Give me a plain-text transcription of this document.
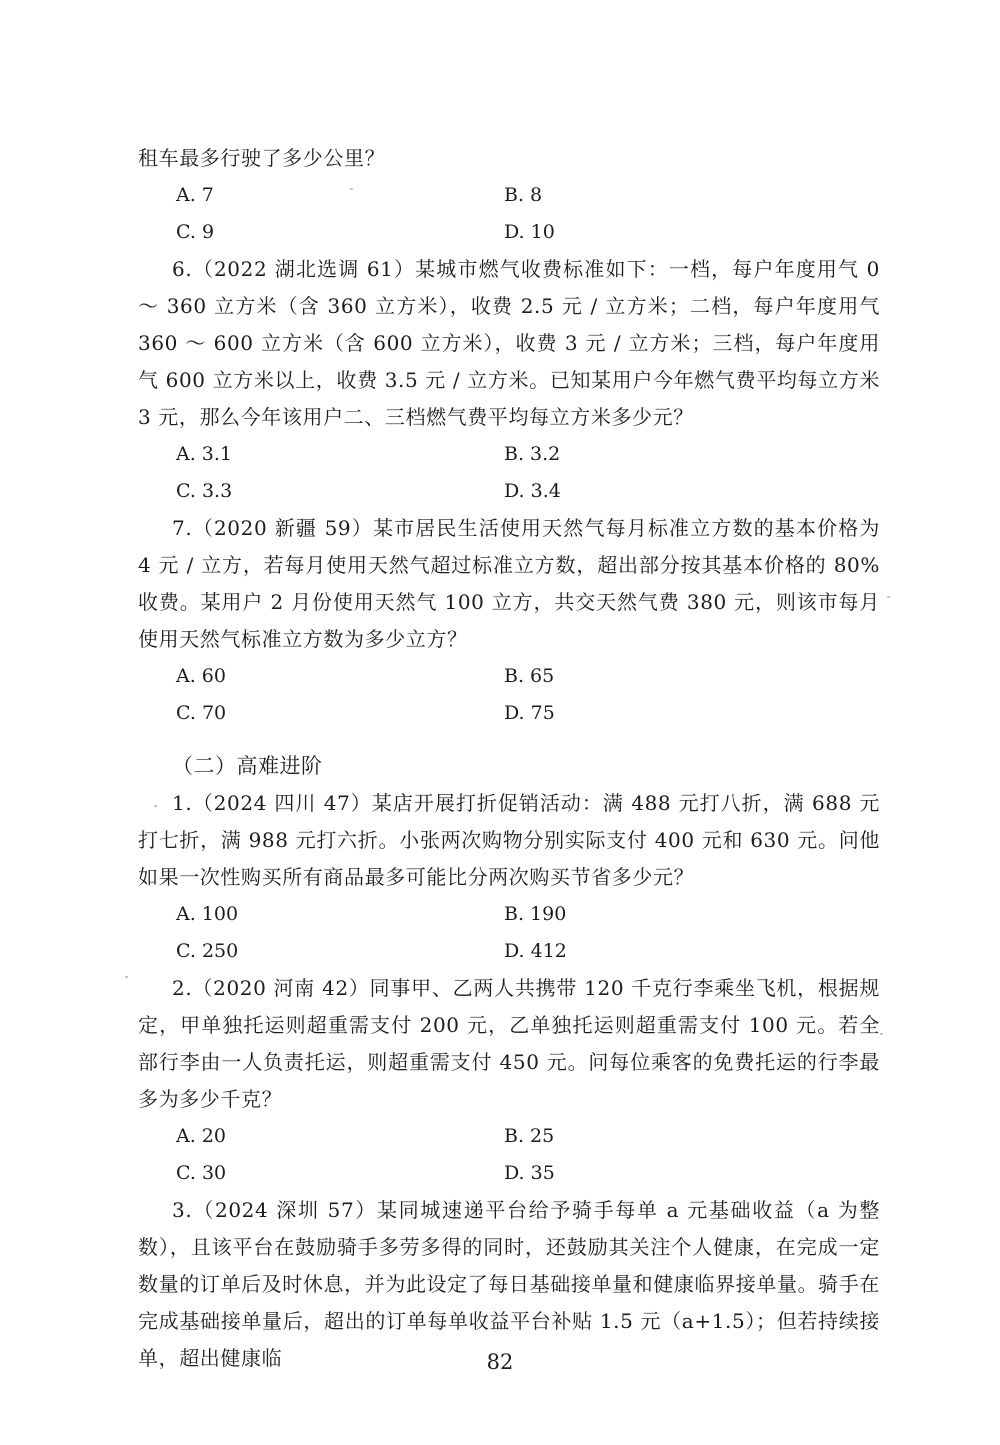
租车最多行驶了多少公里？

A. 7	B. 8
C. 9	D. 10

6.（2022 湖北选调 61）某城市燃气收费标准如下：一档，每户年度用气 0 ～ 360 立方米（含 360 立方米），收费 2.5 元 / 立方米；二档，每户年度用气 360 ～ 600 立方米（含 600 立方米），收费 3 元 / 立方米；三档，每户年度用气 600 立方米以上，收费 3.5 元 / 立方米。已知某用户今年燃气费平均每立方米 3 元，那么今年该用户二、三档燃气费平均每立方米多少元？

A. 3.1	B. 3.2
C. 3.3	D. 3.4

7.（2020 新疆 59）某市居民生活使用天然气每月标准立方数的基本价格为 4 元 / 立方，若每月使用天然气超过标准立方数，超出部分按其基本价格的 80% 收费。某用户 2 月份使用天然气 100 立方，共交天然气费 380 元，则该市每月使用天然气标准立方数为多少立方？

A. 60	B. 65
C. 70	D. 75

（二）高难进阶

1.（2024 四川 47）某店开展打折促销活动：满 488 元打八折，满 688 元打七折，满 988 元打六折。小张两次购物分别实际支付 400 元和 630 元。问他如果一次性购买所有商品最多可能比分两次购买节省多少元？

A. 100	B. 190
C. 250	D. 412

2.（2020 河南 42）同事甲、乙两人共携带 120 千克行李乘坐飞机，根据规定，甲单独托运则超重需支付 200 元，乙单独托运则超重需支付 100 元。若全部行李由一人负责托运，则超重需支付 450 元。问每位乘客的免费托运的行李最多为多少千克？

A. 20	B. 25
C. 30	D. 35

3.（2024 深圳 57）某同城速递平台给予骑手每单 a 元基础收益（a 为整数），且该平台在鼓励骑手多劳多得的同时，还鼓励其关注个人健康，在完成一定数量的订单后及时休息，并为此设定了每日基础接单量和健康临界接单量。骑手在完成基础接单量后，超出的订单每单收益平台补贴 1.5 元（a+1.5）；但若持续接单，超出健康临	82
